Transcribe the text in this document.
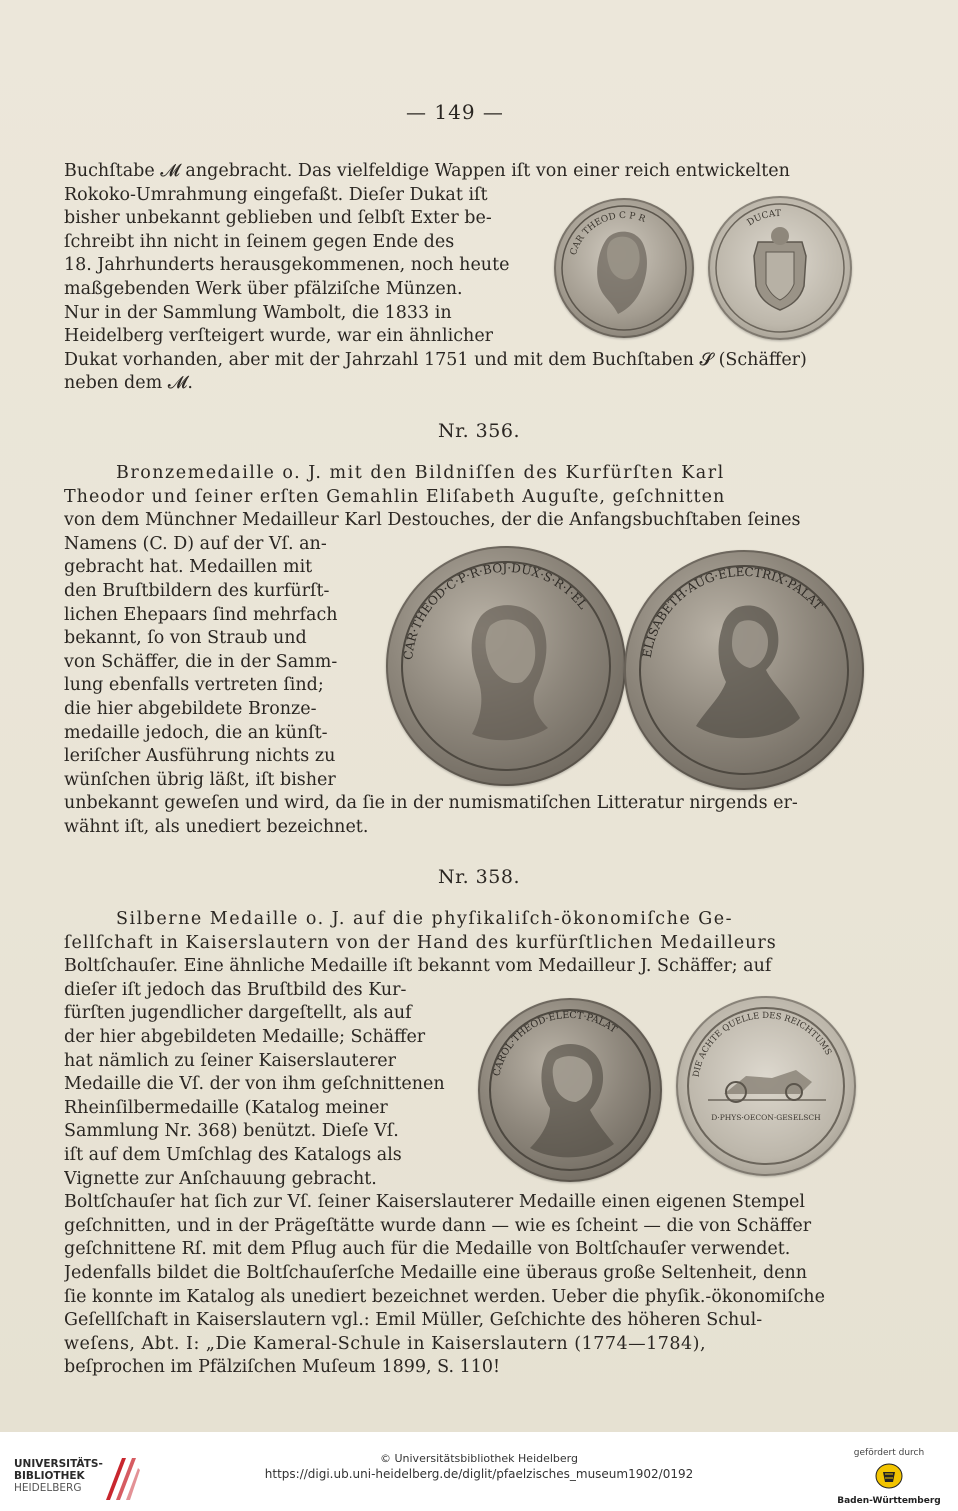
— 149 —
Buchſtabe 𝓜 angebracht. Das vielfeldige Wappen iſt von einer reich entwickelten
Rokoko-Umrahmung eingefaßt. Dieſer Dukat iſt
bisher unbekannt geblieben und ſelbſt Exter be-
ſchreibt ihn nicht in ſeinem gegen Ende des
18. Jahrhunderts herausgekommenen, noch heute
maßgebenden Werk über pfälziſche Münzen.
Nur in der Sammlung Wambolt, die 1833 in
Heidelberg verſteigert wurde, war ein ähnlicher
Dukat vorhanden, aber mit der Jahrzahl 1751 und mit dem Buchſtaben 𝓢 (Schäffer)
neben dem 𝓜.
CAR THEOD C P R	DUCAT
Nr. 356.
Bronzemedaille o. J. mit den Bildniſſen des Kurfürſten Karl
Theodor und ſeiner erſten Gemahlin Eliſabeth Auguſte, geſchnitten
von dem Münchner Medailleur Karl Destouches, der die Anfangsbuchſtaben ſeines
Namens (C. D) auf der Vſ. an-
gebracht hat. Medaillen mit
den Bruſtbildern des kurfürſt-
lichen Ehepaars ſind mehrfach
bekannt, ſo von Straub und
von Schäffer, die in der Samm-
lung ebenfalls vertreten ſind;
die hier abgebildete Bronze-
medaille jedoch, die an künſt-
leriſcher Ausführung nichts zu
wünſchen übrig läßt, iſt bisher
unbekannt geweſen und wird, da ſie in der numismatiſchen Litteratur nirgends er-
wähnt iſt, als unediert bezeichnet.
CAR·THEOD·C·P·R·BOJ·DUX·S·R·I·EL
ELISABETH·AUG·ELECTRIX·PALAT
Nr. 358.
Silberne Medaille o. J. auf die phyſikaliſch-ökonomiſche Ge-
ſellſchaft in Kaiserslautern von der Hand des kurfürſtlichen Medailleurs
Boltſchauſer. Eine ähnliche Medaille iſt bekannt vom Medailleur J. Schäffer; auf
dieſer iſt jedoch das Bruſtbild des Kur-
fürſten jugendlicher dargeſtellt, als auf
der hier abgebildeten Medaille; Schäffer
hat nämlich zu ſeiner Kaiserslauterer
Medaille die Vſ. der von ihm geſchnittenen
Rheinſilbermedaille (Katalog meiner
Sammlung Nr. 368) benützt. Dieſe Vſ.
iſt auf dem Umſchlag des Katalogs als
Vignette zur Anſchauung gebracht.
Boltſchauſer hat ſich zur Vſ. ſeiner Kaiserslauterer Medaille einen eigenen Stempel
geſchnitten, und in der Prägeſtätte wurde dann — wie es ſcheint — die von Schäffer
geſchnittene Rſ. mit dem Pflug auch für die Medaille von Boltſchauſer verwendet.
Jedenfalls bildet die Boltſchauſerſche Medaille eine überaus große Seltenheit, denn
ſie konnte im Katalog als unediert bezeichnet werden. Ueber die phyſik.-ökonomiſche
Geſellſchaft in Kaiserslautern vgl.: Emil Müller, Geſchichte des höheren Schul-
weſens, Abt. I: „Die Kameral-Schule in Kaiserslautern (1774—1784),
beſprochen im Pfälziſchen Muſeum 1899, S. 110!
CAROL·THEOD·ELECT·PALAT
DIE ACHTE QUELLE DES REICHTUMS
D·PHYS·OECON·GESELSCH
UNIVERSITÄTS-
BIBLIOTHEK
HEIDELBERG
© Universitätsbibliothek Heidelberg
https://digi.ub.uni-heidelberg.de/diglit/pfaelzisches_museum1902/0192
gefördert durch
Baden-Württemberg
